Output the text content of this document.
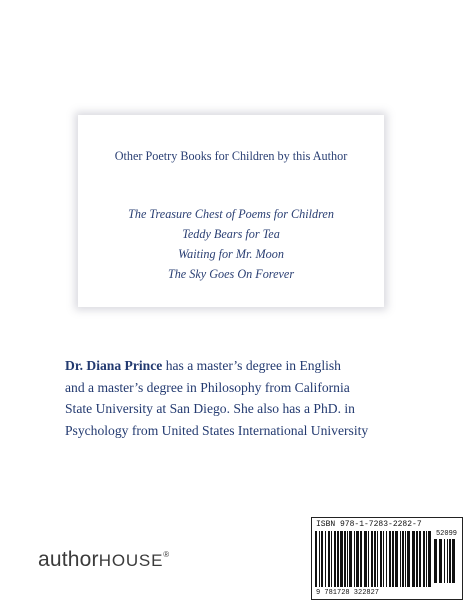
Other Poetry Books for Children by this Author
The Treasure Chest of Poems for Children
Teddy Bears for Tea
Waiting for Mr. Moon
The Sky Goes On Forever
Dr. Diana Prince has a master’s degree in English
and a master’s degree in Philosophy from California
State University at San Diego. She also has a PhD. in
Psychology from United States International University
authorHOUSE®
ISBN 978-1-7283-2282-7
52099
9 781728 322827
